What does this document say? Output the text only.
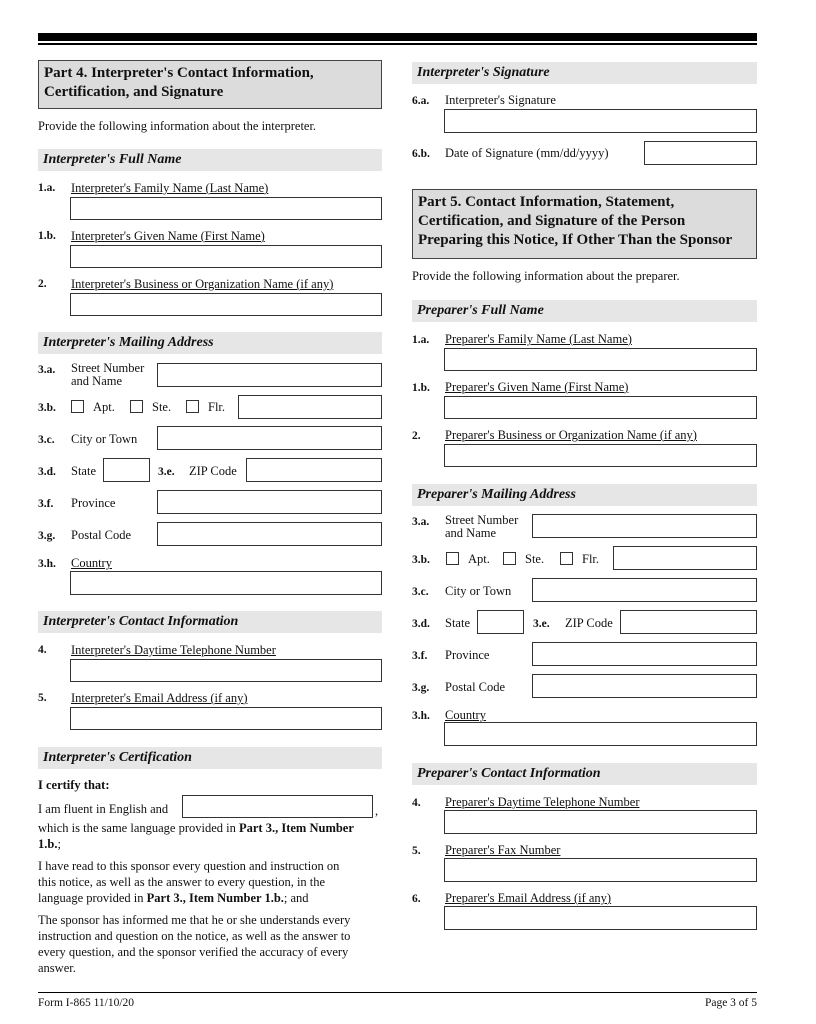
Part 4. Interpreter's Contact Information,
Certification, and Signature
Provide the following information about the interpreter.
Interpreter's Full Name
1.a. Interpreter's Family Name (Last Name)
1.b. Interpreter's Given Name (First Name)
2. Interpreter's Business or Organization Name (if any)
Interpreter's Mailing Address
3.a. Street Number
and Name
3.b.	Apt.	Ste.	Flr.
3.c. City or Town
3.d. State	3.e. ZIP Code
3.f. Province
3.g. Postal Code
3.h. Country
Interpreter's Contact Information
4. Interpreter's Daytime Telephone Number
5. Interpreter's Email Address (if any)
Interpreter's Certification
I certify that:
I am fluent in English and	,
which is the same language provided in Part 3., Item Number
1.b.;
I have read to this sponsor every question and instruction on
this notice, as well as the answer to every question, in the
language provided in Part 3., Item Number 1.b.; and
The sponsor has informed me that he or she understands every
instruction and question on the notice, as well as the answer to
every question, and the sponsor verified the accuracy of every
answer.
Interpreter's Signature
6.a. Interpreter's Signature
6.b. Date of Signature (mm/dd/yyyy)
Part 5. Contact Information, Statement,
Certification, and Signature of the Person
Preparing this Notice, If Other Than the Sponsor
Provide the following information about the preparer.
Preparer's Full Name
1.a. Preparer's Family Name (Last Name)
1.b. Preparer's Given Name (First Name)
2. Preparer's Business or Organization Name (if any)
Preparer's Mailing Address
3.a. Street Number
and Name
3.b.	Apt.	Ste.	Flr.
3.c. City or Town
3.d. State	3.e. ZIP Code
3.f. Province
3.g. Postal Code
3.h. Country
Preparer's Contact Information
4. Preparer's Daytime Telephone Number
5. Preparer's Fax Number
6. Preparer's Email Address (if any)
Form I-865 11/10/20	Page 3 of 5
